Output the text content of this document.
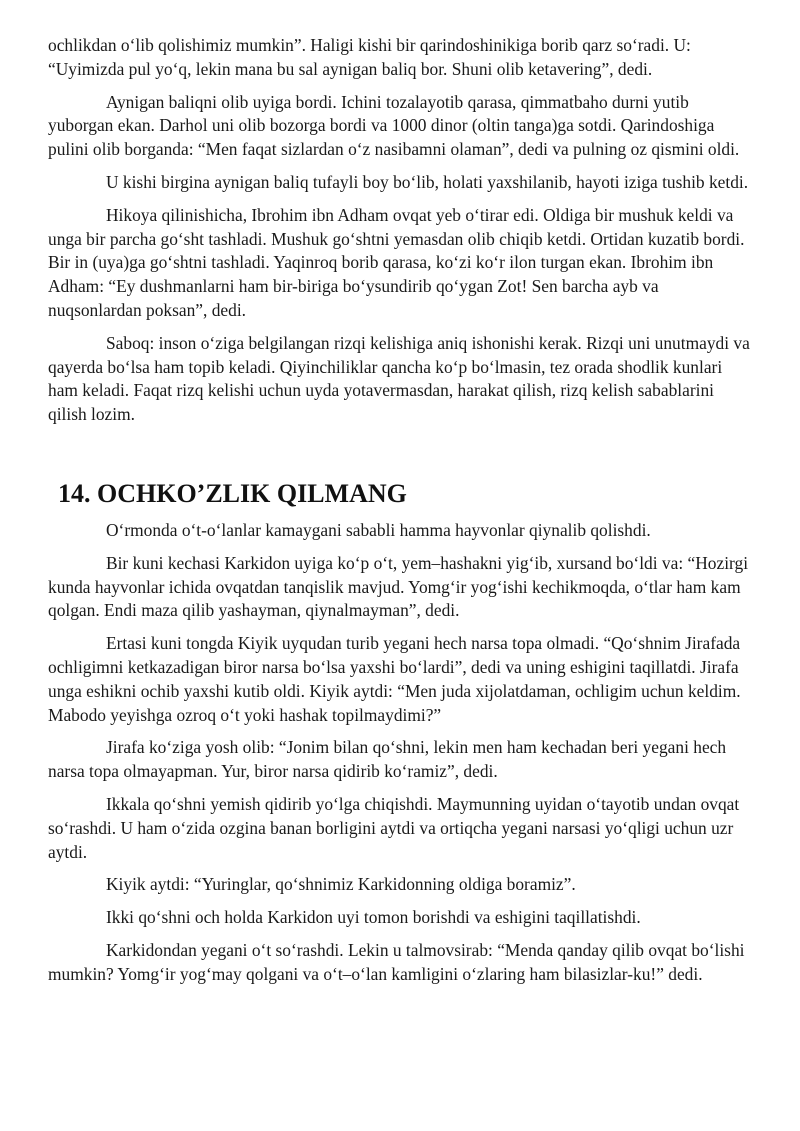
ochlikdan o‘lib qolishimiz mumkin”. Haligi kishi bir qarindoshinikiga borib qarz so‘radi. U: “Uyimizda pul yo‘q, lekin mana bu sal aynigan baliq bor. Shuni olib ketavering”, dedi.

Aynigan baliqni olib uyiga bordi. Ichini tozalayotib qarasa, qimmatbaho durni yutib yuborgan ekan. Darhol uni olib bozorga bordi va 1000 dinor (oltin tanga)ga sotdi. Qarindoshiga pulini olib borganda: “Men faqat sizlardan o‘z nasibamni olaman”, dedi va pulning oz qismini oldi.

U kishi birgina aynigan baliq tufayli boy bo‘lib, holati yaxshilanib, hayoti iziga tushib ketdi.

Hikoya qilinishicha, Ibrohim ibn Adham ovqat yeb o‘tirar edi. Oldiga bir mushuk keldi va unga bir parcha go‘sht tashladi. Mushuk go‘shtni yemasdan olib chiqib ketdi. Ortidan kuzatib bordi. Bir in (uya)ga go‘shtni tashladi. Yaqinroq borib qarasa, ko‘zi ko‘r ilon turgan ekan. Ibrohim ibn Adham: “Ey dushmanlarni ham bir-biriga bo‘ysundirib qo‘ygan Zot! Sen barcha ayb va nuqsonlardan poksan”, dedi.

Saboq: inson o‘ziga belgilangan rizqi kelishiga aniq ishonishi kerak. Rizqi uni unutmaydi va qayerda bo‘lsa ham topib keladi. Qiyinchiliklar qancha ko‘p bo‘lmasin, tez orada shodlik kunlari ham keladi. Faqat rizq kelishi uchun uyda yotavermasdan, harakat qilish, rizq kelish sabablarini qilish lozim.

14. OCHKO’ZLIK QILMANG

O‘rmonda o‘t-o‘lanlar kamaygani sababli hamma hayvonlar qiynalib qolishdi.

Bir kuni kechasi Karkidon uyiga ko‘p o‘t, yem–hashakni yig‘ib, xursand bo‘ldi va: “Hozirgi kunda hayvonlar ichida ovqatdan tanqislik mavjud. Yomg‘ir yog‘ishi kechikmoqda, o‘tlar ham kam qolgan. Endi maza qilib yashayman, qiynalmayman”, dedi.

Ertasi kuni tongda Kiyik uyqudan turib yegani hech narsa topa olmadi. “Qo‘shnim Jirafada ochligimni ketkazadigan biror narsa bo‘lsa yaxshi bo‘lardi”, dedi va uning eshigini taqillatdi. Jirafa unga eshikni ochib yaxshi kutib oldi. Kiyik aytdi: “Men juda xijolatdaman, ochligim uchun keldim. Mabodo yeyishga ozroq o‘t yoki hashak topilmaydimi?”

Jirafa ko‘ziga yosh olib: “Jonim bilan qo‘shni, lekin men ham kechadan beri yegani hech narsa topa olmayapman. Yur, biror narsa qidirib ko‘ramiz”, dedi.

Ikkala qo‘shni yemish qidirib yo‘lga chiqishdi. Maymunning uyidan o‘tayotib undan ovqat so‘rashdi. U ham o‘zida ozgina banan borligini aytdi va ortiqcha yegani narsasi yo‘qligi uchun uzr aytdi.

Kiyik aytdi: “Yuringlar, qo‘shnimiz Karkidonning oldiga boramiz”.

Ikki qo‘shni och holda Karkidon uyi tomon borishdi va eshigini taqillatishdi.

Karkidondan yegani o‘t so‘rashdi. Lekin u talmovsirab: “Menda qanday qilib ovqat bo‘lishi mumkin? Yomg‘ir yog‘may qolgani va o‘t–o‘lan kamligini o‘zlaring ham bilasizlar-ku!” dedi.
